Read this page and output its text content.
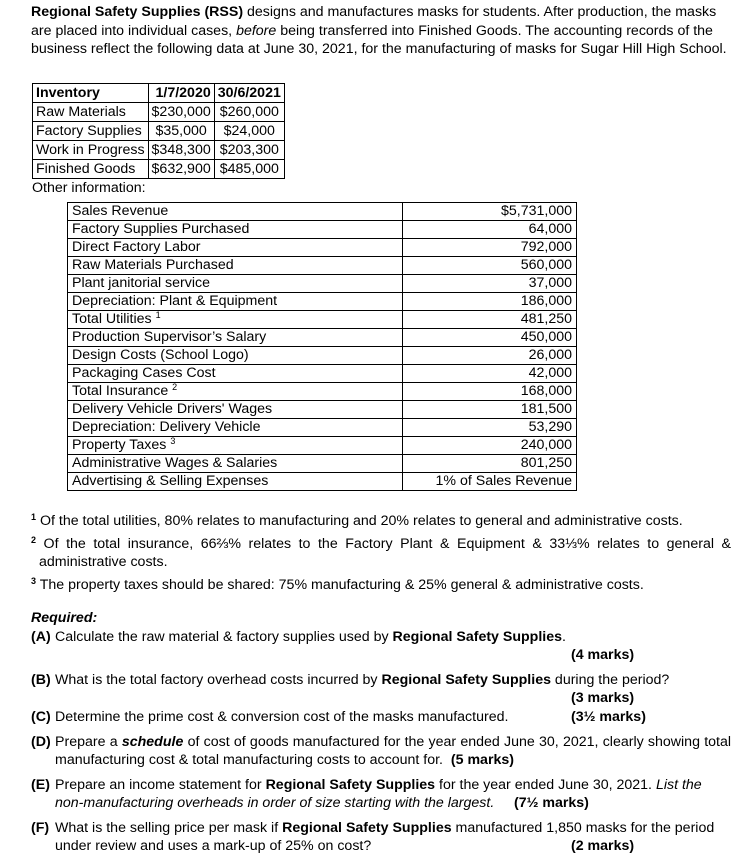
Regional Safety Supplies (RSS) designs and manufactures masks for students. After production, the masks are placed into individual cases, before being transferred into Finished Goods. The accounting records of the business reflect the following data at June 30, 2021, for the manufacturing of masks for Sugar Hill High School.

Inventory	1/7/2020	30/6/2021
Raw Materials	$230,000	$260,000
Factory Supplies	$35,000	$24,000
Work in Progress	$348,300	$203,300
Finished Goods	$632,900	$485,000

Other information:

Sales Revenue	$5,731,000
Factory Supplies Purchased	64,000
Direct Factory Labor	792,000
Raw Materials Purchased	560,000
Plant janitorial service	37,000
Depreciation: Plant & Equipment	186,000
Total Utilities $^1$	481,250
Production Supervisor’s Salary	450,000
Design Costs (School Logo)	26,000
Packaging Cases Cost	42,000
Total Insurance $^2$	168,000
Delivery Vehicle Drivers' Wages	181,500
Depreciation: Delivery Vehicle	53,290
Property Taxes $^3$	240,000
Administrative Wages & Salaries	801,250
Advertising & Selling Expenses	1% of Sales Revenue

$^1$ Of the total utilities, 80% relates to manufacturing and 20% relates to general and administrative costs.

$^2$ Of the total insurance, 66⅔% relates to the Factory Plant & Equipment & 33⅓% relates to general & administrative costs.

$^3$ The property taxes should be shared: 75% manufacturing & 25% general & administrative costs.

Required:

(A) Calculate the raw material & factory supplies used by Regional Safety Supplies.

(4 marks)

(B) What is the total factory overhead costs incurred by Regional Safety Supplies during the period?

(3 marks)

(C) Determine the prime cost & conversion cost of the masks manufactured.	(3½ marks)

(D) Prepare a schedule of cost of goods manufactured for the year ended June 30, 2021, clearly showing total manufacturing cost & total manufacturing costs to account for. (5 marks)

(E) Prepare an income statement for Regional Safety Supplies for the year ended June 30, 2021. List the non-manufacturing overheads in order of size starting with the largest. (7½ marks)

(F) What is the selling price per mask if Regional Safety Supplies manufactured 1,850 masks for the period under review and uses a mark-up of 25% on cost?	(2 marks)
